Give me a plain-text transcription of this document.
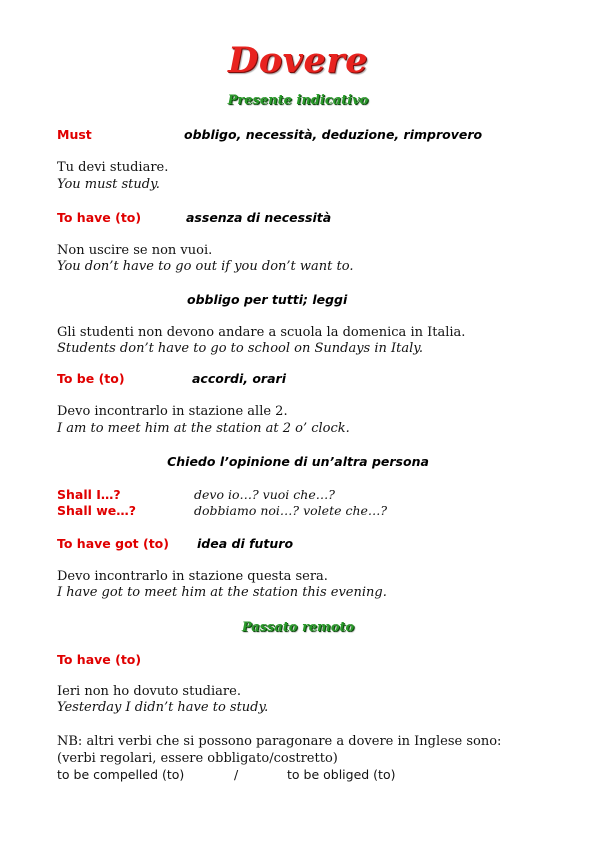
Dovere
Presente indicativo
Must	obbligo, necessità, deduzione, rimprovero
Tu devi studiare.
You must study.
To have (to)	assenza di necessità
Non uscire se non vuoi.
You don’t have to go out if you don’t want to.
obbligo per tutti; leggi
Gli studenti non devono andare a scuola la domenica in Italia.
Students don’t have to go to school on Sundays in Italy.
To be (to)	accordi, orari
Devo incontrarlo in stazione alle 2.
I am to meet him at the station at 2 o’ clock.
Chiedo l’opinione di un’altra persona
Shall I…?	devo io…? vuoi che…?
Shall we…?	dobbiamo noi…? volete che…?
To have got (to) idea di futuro
Devo incontrarlo in stazione questa sera.
I have got to meet him at the station this evening.
Passato remoto
To have (to)
Ieri non ho dovuto studiare.
Yesterday I didn’t have to study.
NB: altri verbi che si possono paragonare a dovere in Inglese sono:
(verbi regolari, essere obbligato/costretto)
to be compelled (to)	/	to be obliged (to)
